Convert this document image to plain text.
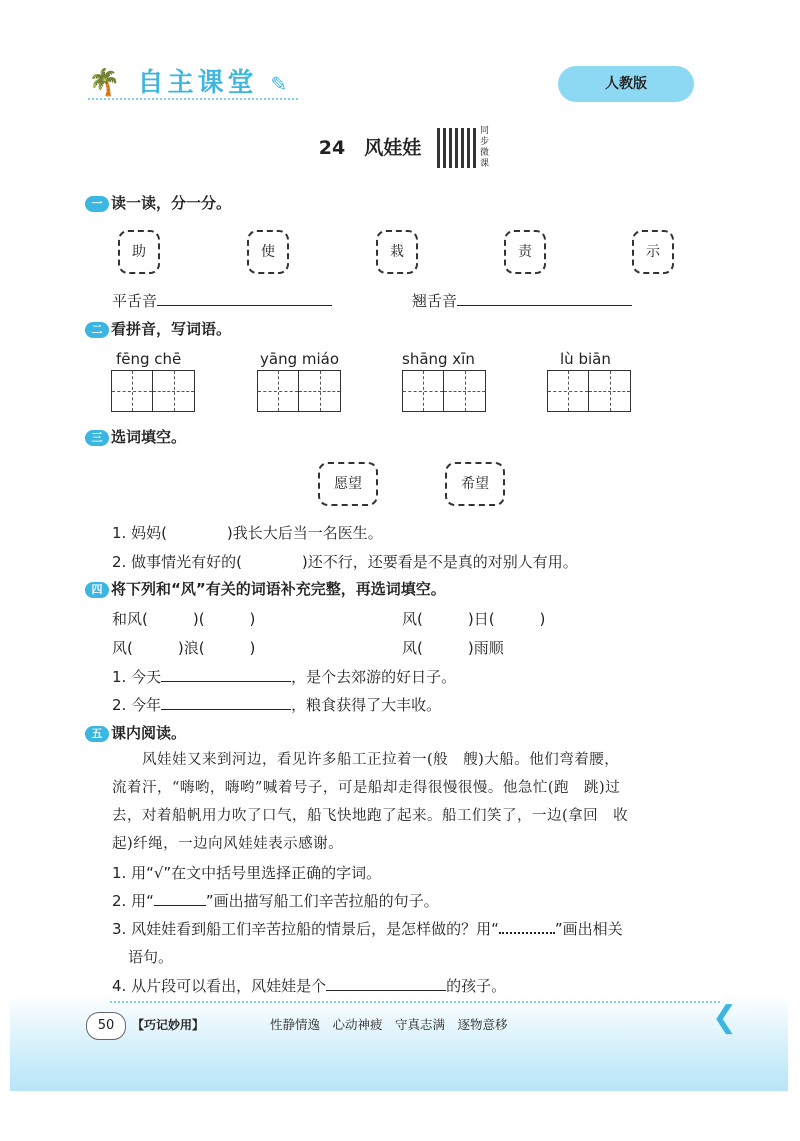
🌴 自主课堂 ✎	人教版
24　风娃娃
同
步
微
课
一 读一读，分一分。
助	使	栽	责	示
平舌音	翘舌音
二 看拼音，写词语。
fēng chē	yāng miáo	shāng xīn	lù biān
三 选词填空。
愿望	希望
1. 妈妈(　　　　)我长大后当一名医生。
2. 做事情光有好的(　　　　)还不行，还要看是不是真的对别人有用。
四 将下列和“风”有关的词语补充完整，再选词填空。
和风(　　　)(　　　)	风(　　　)日(　　　)
风(　　　)浪(　　　)	风(　　　)雨顺
1. 今天	，是个去郊游的好日子。
2. 今年	，粮食获得了大丰收。
五 课内阅读。
风娃娃又来到河边，看见许多船工正拉着一(般　艘)大船。他们弯着腰，
流着汗，“嗨哟，嗨哟”喊着号子，可是船却走得很慢很慢。他急忙(跑　跳)过
去，对着船帆用力吹了口气，船飞快地跑了起来。船工们笑了，一边(拿回　收
起)纤绳，一边向风娃娃表示感谢。
1. 用“√”在文中括号里选择正确的字词。
2. 用“	”画出描写船工们辛苦拉船的句子。
3. 风娃娃看到船工们辛苦拉船的情景后，是怎样做的？用“	”画出相关
语句。
4. 从片段可以看出，风娃娃是个	的孩子。
50	【巧记妙用】	性静情逸　心动神疲　守真志满　逐物意移	❮
